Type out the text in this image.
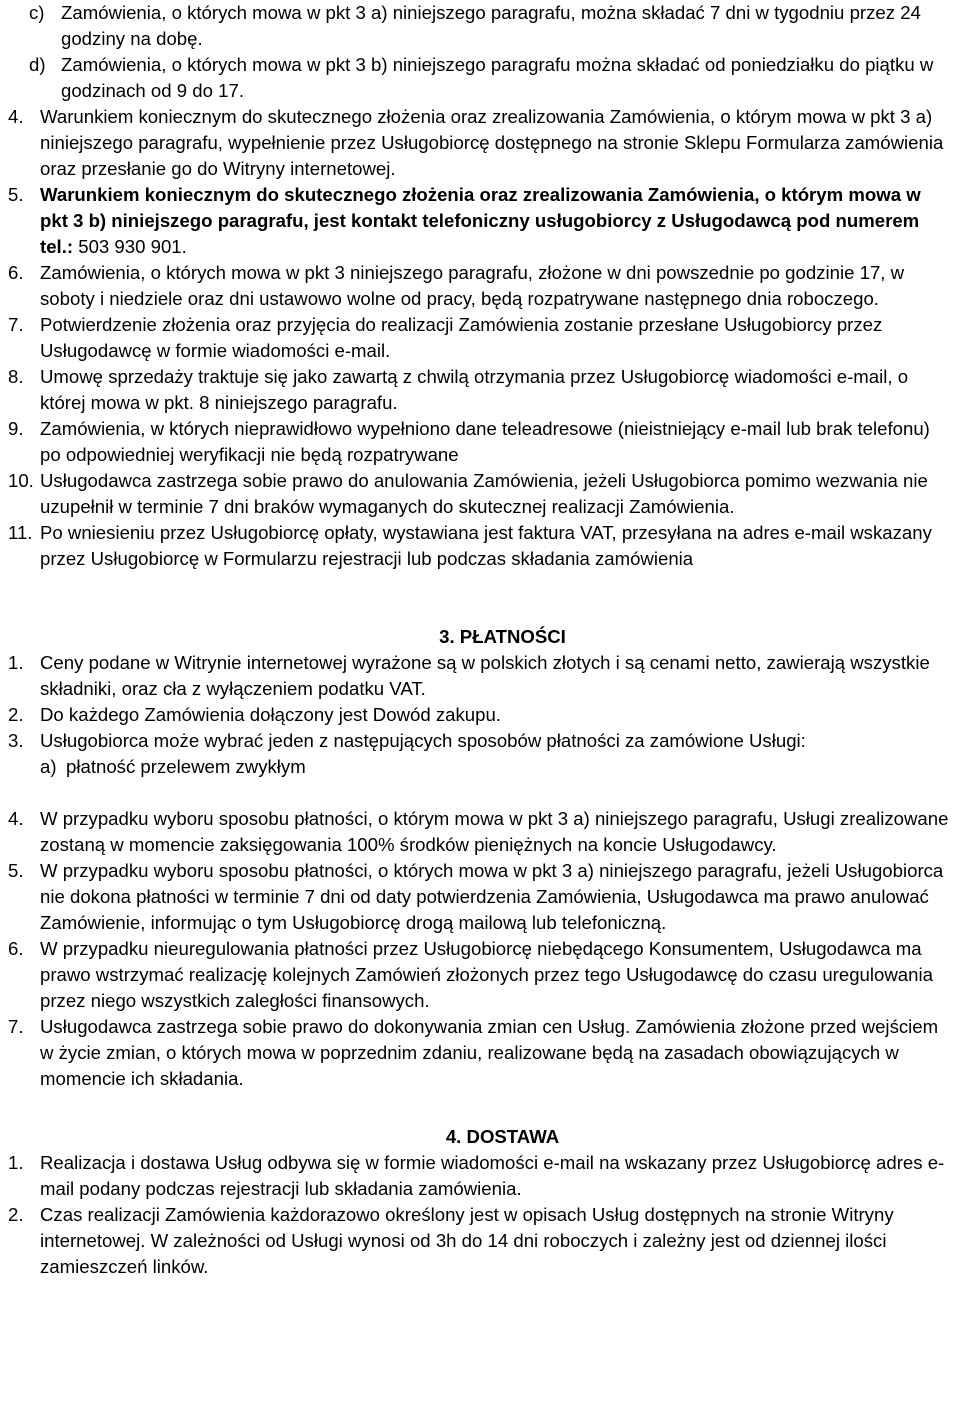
c) Zamówienia, o których mowa w pkt 3 a) niniejszego paragrafu, można składać 7 dni w tygodniu przez 24 godziny na dobę.
d) Zamówienia, o których mowa w pkt 3 b) niniejszego paragrafu można składać od poniedziałku do piątku w godzinach od 9 do 17.
4. Warunkiem koniecznym do skutecznego złożenia oraz zrealizowania Zamówienia, o którym mowa w pkt 3 a) niniejszego paragrafu, wypełnienie przez Usługobiorcę dostępnego na stronie Sklepu Formularza zamówienia oraz przesłanie go do Witryny internetowej.
5. Warunkiem koniecznym do skutecznego złożenia oraz zrealizowania Zamówienia, o którym mowa w pkt 3 b) niniejszego paragrafu, jest kontakt telefoniczny usługobiorcy z Usługodawcą pod numerem tel.: 503 930 901.
6. Zamówienia, o których mowa w pkt 3 niniejszego paragrafu, złożone w dni powszednie po godzinie 17, w soboty i niedziele oraz dni ustawowo wolne od pracy, będą rozpatrywane następnego dnia roboczego.
7. Potwierdzenie złożenia oraz przyjęcia do realizacji Zamówienia zostanie przesłane Usługobiorcy przez Usługodawcę w formie wiadomości e-mail.
8. Umowę sprzedaży traktuje się jako zawartą z chwilą otrzymania przez Usługobiorcę wiadomości e-mail, o której mowa w pkt. 8 niniejszego paragrafu.
9. Zamówienia, w których nieprawidłowo wypełniono dane teleadresowe (nieistniejący e-mail lub brak telefonu) po odpowiedniej weryfikacji nie będą rozpatrywane
10. Usługodawca zastrzega sobie prawo do anulowania Zamówienia, jeżeli Usługobiorca pomimo wezwania nie uzupełnił w terminie 7 dni braków wymaganych do skutecznej realizacji Zamówienia.
11. Po wniesieniu przez Usługobiorcę opłaty, wystawiana jest faktura VAT, przesyłana na adres e-mail wskazany przez Usługobiorcę w Formularzu rejestracji lub podczas składania zamówienia
3. PŁATNOŚCI
1. Ceny podane w Witrynie internetowej wyrażone są w polskich złotych i są cenami netto, zawierają wszystkie składniki, oraz cła z wyłączeniem podatku VAT.
2. Do każdego Zamówienia dołączony jest Dowód zakupu.
3. Usługobiorca może wybrać jeden z następujących sposobów płatności za zamówione Usługi:
a) płatność przelewem zwykłym
4. W przypadku wyboru sposobu płatności, o którym mowa w pkt 3 a) niniejszego paragrafu, Usługi zrealizowane zostaną w momencie zaksięgowania 100% środków pieniężnych na koncie Usługodawcy.
5. W przypadku wyboru sposobu płatności, o których mowa w pkt 3 a) niniejszego paragrafu, jeżeli Usługobiorca nie dokona płatności w terminie 7 dni od daty potwierdzenia Zamówienia, Usługodawca ma prawo anulować Zamówienie, informując o tym Usługobiorcę drogą mailową lub telefoniczną.
6. W przypadku nieuregulowania płatności przez Usługobiorcę niebędącego Konsumentem, Usługodawca ma prawo wstrzymać realizację kolejnych Zamówień złożonych przez tego Usługodawcę do czasu uregulowania przez niego wszystkich zaległości finansowych.
7. Usługodawca zastrzega sobie prawo do dokonywania zmian cen Usług. Zamówienia złożone przed wejściem w życie zmian, o których mowa w poprzednim zdaniu, realizowane będą na zasadach obowiązujących w momencie ich składania.
4. DOSTAWA
1. Realizacja i dostawa Usług odbywa się w formie wiadomości e-mail na wskazany przez Usługobiorcę adres e-mail podany podczas rejestracji lub składania zamówienia.
2. Czas realizacji Zamówienia każdorazowo określony jest w opisach Usług dostępnych na stronie Witryny internetowej. W zależności od Usługi wynosi od 3h do 14 dni roboczych i zależny jest od dziennej ilości zamieszczeń linków.
